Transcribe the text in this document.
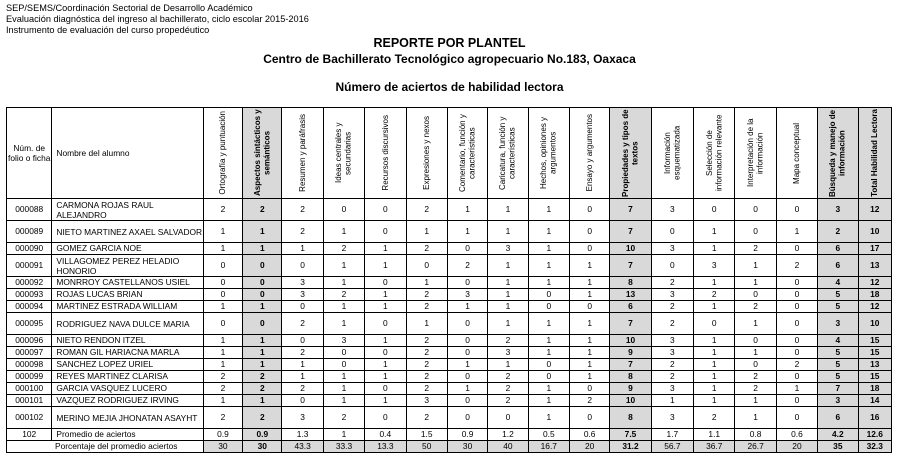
SEP/SEMS/Coordinación Sectorial de Desarrollo Académico
Evaluación diagnóstica del ingreso al bachillerato, ciclo escolar 2015-2016
Instrumento de evaluación del curso propedéutico
REPORTE POR PLANTEL
Centro de Bachillerato Tecnológico agropecuario No.183, Oaxaca
Número de aciertos de habilidad lectora
Núm. de folio o ficha	Nombre del alumno	Ortografía y puntuación	Aspectos sintácticos y semánticos	Resumen y paráfrasis	Ideas centrales y secundarias	Recursos discursivos	Expresiones y nexos	Comentario, función y características	Caricatura, función y características	Hechos, opiniones y argumentos	Ensayo y argumentos	Propiedades y tipos de textos	Información esquematizada	Selección de información relevante	Interpretación de la información	Mapa conceptual	Búsqueda y manejo de información	Total Habilidad Lectora

000088	CARMONA ROJAS RAUL ALEJANDRO	2	2	2	0	0	2	1	1	1	0	7	3	0	0	0	3	12
000089	NIETO MARTINEZ AXAEL SALVADOR	1	1	2	1	0	1	1	1	1	0	7	0	1	0	1	2	10
000090	GOMEZ GARCIA NOE	1	1	1	2	1	2	0	3	1	0	10	3	1	2	0	6	17
000091	VILLAGOMEZ PEREZ HELADIO HONORIO	0	0	0	1	1	0	2	1	1	1	7	0	3	1	2	6	13
000092	MONRROY CASTELLANOS USIEL	0	0	3	1	0	1	0	1	1	1	8	2	1	1	0	4	12
000093	ROJAS LUCAS BRIAN	0	0	3	2	1	2	3	1	0	1	13	3	2	0	0	5	18
000094	MARTINEZ ESTRADA WILLIAM	1	1	0	1	1	2	1	1	0	0	6	2	1	2	0	5	12
000095	RODRIGUEZ NAVA DULCE MARIA	0	0	2	1	0	1	0	1	1	1	7	2	0	1	0	3	10
000096	NIETO RENDON ITZEL	1	1	0	3	1	2	0	2	1	1	10	3	1	0	0	4	15
000097	ROMAN GIL HARIACNA MARLA	1	1	2	0	0	2	0	3	1	1	9	3	1	1	0	5	15
000098	SANCHEZ LOPEZ URIEL	1	1	1	0	1	2	1	1	0	1	7	2	1	0	2	5	13
000099	REYES MARTINEZ CLARISA	2	2	1	1	1	2	0	2	0	1	8	2	1	2	0	5	15
000100	GARCIA VASQUEZ LUCERO	2	2	2	1	0	2	1	2	1	0	9	3	1	2	1	7	18
000101	VAZQUEZ RODRIGUEZ IRVING	1	1	0	1	1	3	0	2	1	2	10	1	1	1	0	3	14
000102	MERINO MEJIA JHONATAN ASAYHT	2	2	3	2	0	2	0	0	1	0	8	3	2	1	0	6	16
102	Promedio de aciertos	0.9	0.9	1.3	1	0.4	1.5	0.9	1.2	0.5	0.6	7.5	1.7	1.1	0.8	0.6	4.2	12.6
Porcentaje del promedio aciertos		30	30	43.3	33.3	13.3	50	30	40	16.7	20	31.2	56.7	36.7	26.7	20	35	32.3
